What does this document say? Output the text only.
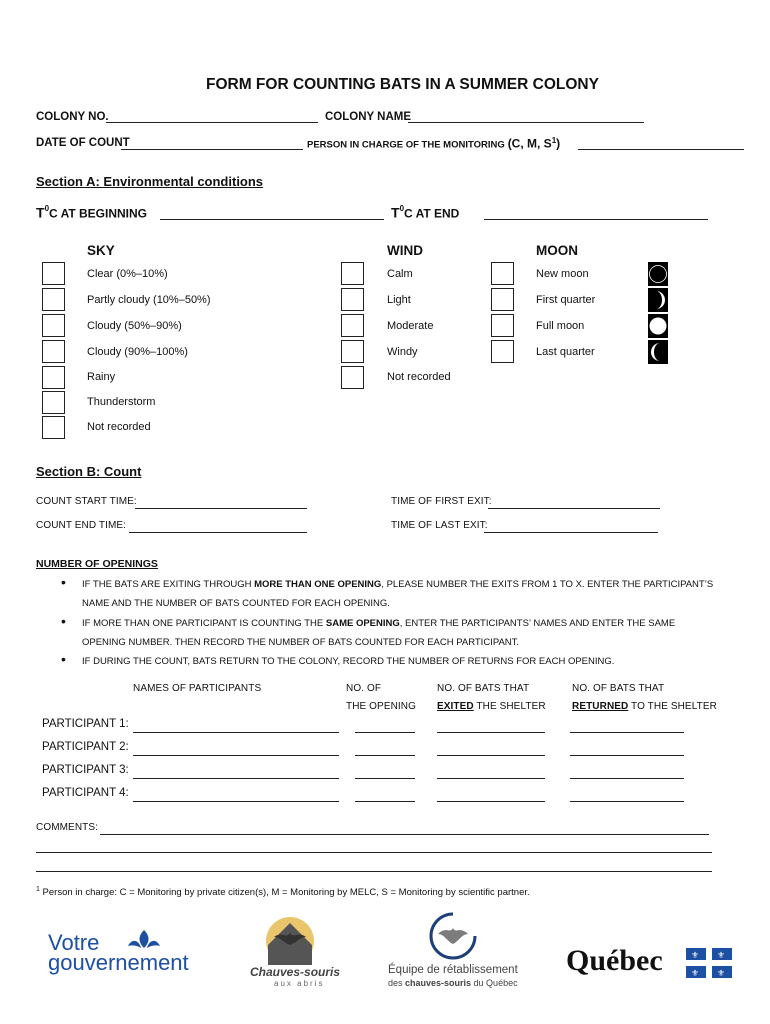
FORM FOR COUNTING BATS IN A SUMMER COLONY
COLONY NO.	COLONY NAME
DATE OF COUNT	PERSON IN CHARGE OF THE MONITORING (C, M, $S^1$)
Section A: Environmental conditions
$T^0C$ AT BEGINNING	$T^0C$ AT END
SKY	WIND	MOON
Clear (0%–10%)
Partly cloudy (10%–50%)
Cloudy (50%–90%)
Cloudy (90%–100%)
Rainy
Thunderstorm
Not recorded
Calm
Light
Moderate
Windy
Not recorded
New moon
First quarter
Full moon
Last quarter
Section B: Count
COUNT START TIME:	TIME OF FIRST EXIT:
COUNT END TIME:	TIME OF LAST EXIT:
NUMBER OF OPENINGS
• IF THE BATS ARE EXITING THROUGH MORE THAN ONE OPENING, PLEASE NUMBER THE EXITS FROM 1 TO X. ENTER THE PARTICIPANT’S
NAME AND THE NUMBER OF BATS COUNTED FOR EACH OPENING.
• IF MORE THAN ONE PARTICIPANT IS COUNTING THE SAME OPENING, ENTER THE PARTICIPANTS’ NAMES AND ENTER THE SAME
OPENING NUMBER. THEN RECORD THE NUMBER OF BATS COUNTED FOR EACH PARTICIPANT.
• IF DURING THE COUNT, BATS RETURN TO THE COLONY, RECORD THE NUMBER OF RETURNS FOR EACH OPENING.
NAMES OF PARTICIPANTS	NO. OF
THE OPENING
NO. OF BATS THAT
EXITED THE SHELTER
NO. OF BATS THAT
RETURNED TO THE SHELTER
PARTICIPANT 1:
PARTICIPANT 2:
PARTICIPANT 3:
PARTICIPANT 4:
COMMENTS:
$^1$ Person in charge: C = Monitoring by private citizen(s), M = Monitoring by MELC, S = Monitoring by scientific partner.
Votre
gouvernement	Chauves-souris
aux abris
Équipe de rétablissement
des chauves-souris du Québec
Québec	⚜ ⚜
⚜ ⚜
